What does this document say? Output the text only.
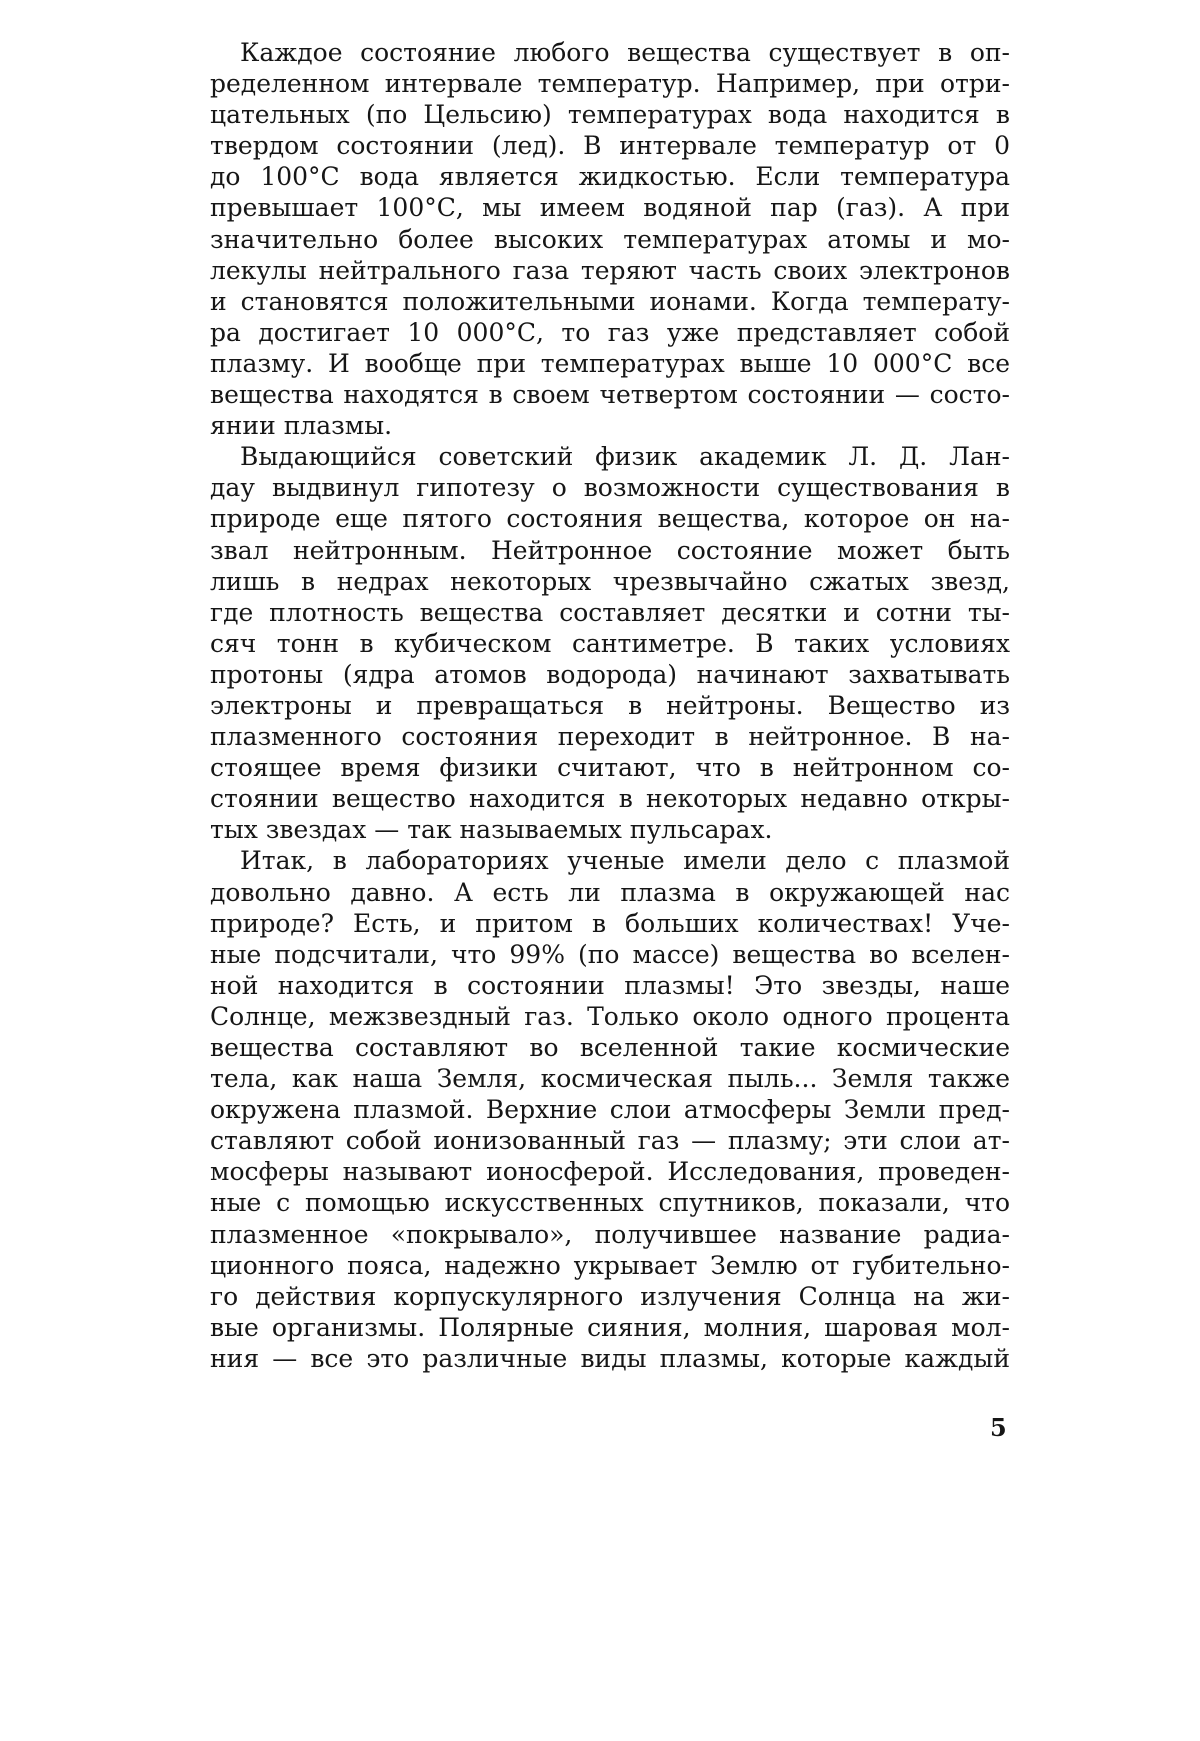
Каждое состояние любого вещества существует в оп-
ределенном интервале температур. Например, при отри-
цательных (по Цельсию) температурах вода находится в
твердом состоянии (лед). В интервале температур от 0
до 100°С вода является жидкостью. Если температура
превышает 100°С, мы имеем водяной пар (газ). А при
значительно более высоких температурах атомы и мо-
лекулы нейтрального газа теряют часть своих электронов
и становятся положительными ионами. Когда температу-
ра достигает 10 000°С, то газ уже представляет собой
плазму. И вообще при температурах выше 10 000°С все
вещества находятся в своем четвертом состоянии — состо-
янии плазмы.
Выдающийся советский физик академик Л. Д. Лан-
дау выдвинул гипотезу о возможности существования в
природе еще пятого состояния вещества, которое он на-
звал нейтронным. Нейтронное состояние может быть
лишь в недрах некоторых чрезвычайно сжатых звезд,
где плотность вещества составляет десятки и сотни ты-
сяч тонн в кубическом сантиметре. В таких условиях
протоны (ядра атомов водорода) начинают захватывать
электроны и превращаться в нейтроны. Вещество из
плазменного состояния переходит в нейтронное. В на-
стоящее время физики считают, что в нейтронном со-
стоянии вещество находится в некоторых недавно откры-
тых звездах — так называемых пульсарах.
Итак, в лабораториях ученые имели дело с плазмой
довольно давно. А есть ли плазма в окружающей нас
природе? Есть, и притом в больших количествах! Уче-
ные подсчитали, что 99% (по массе) вещества во вселен-
ной находится в состоянии плазмы! Это звезды, наше
Солнце, межзвездный газ. Только около одного процента
вещества составляют во вселенной такие космические
тела, как наша Земля, космическая пыль... Земля также
окружена плазмой. Верхние слои атмосферы Земли пред-
ставляют собой ионизованный газ — плазму; эти слои ат-
мосферы называют ионосферой. Исследования, проведен-
ные с помощью искусственных спутников, показали, что
плазменное «покрывало», получившее название радиа-
ционного пояса, надежно укрывает Землю от губительно-
го действия корпускулярного излучения Солнца на жи-
вые организмы. Полярные сияния, молния, шаровая мол-
ния — все это различные виды плазмы, которые каждый
5
